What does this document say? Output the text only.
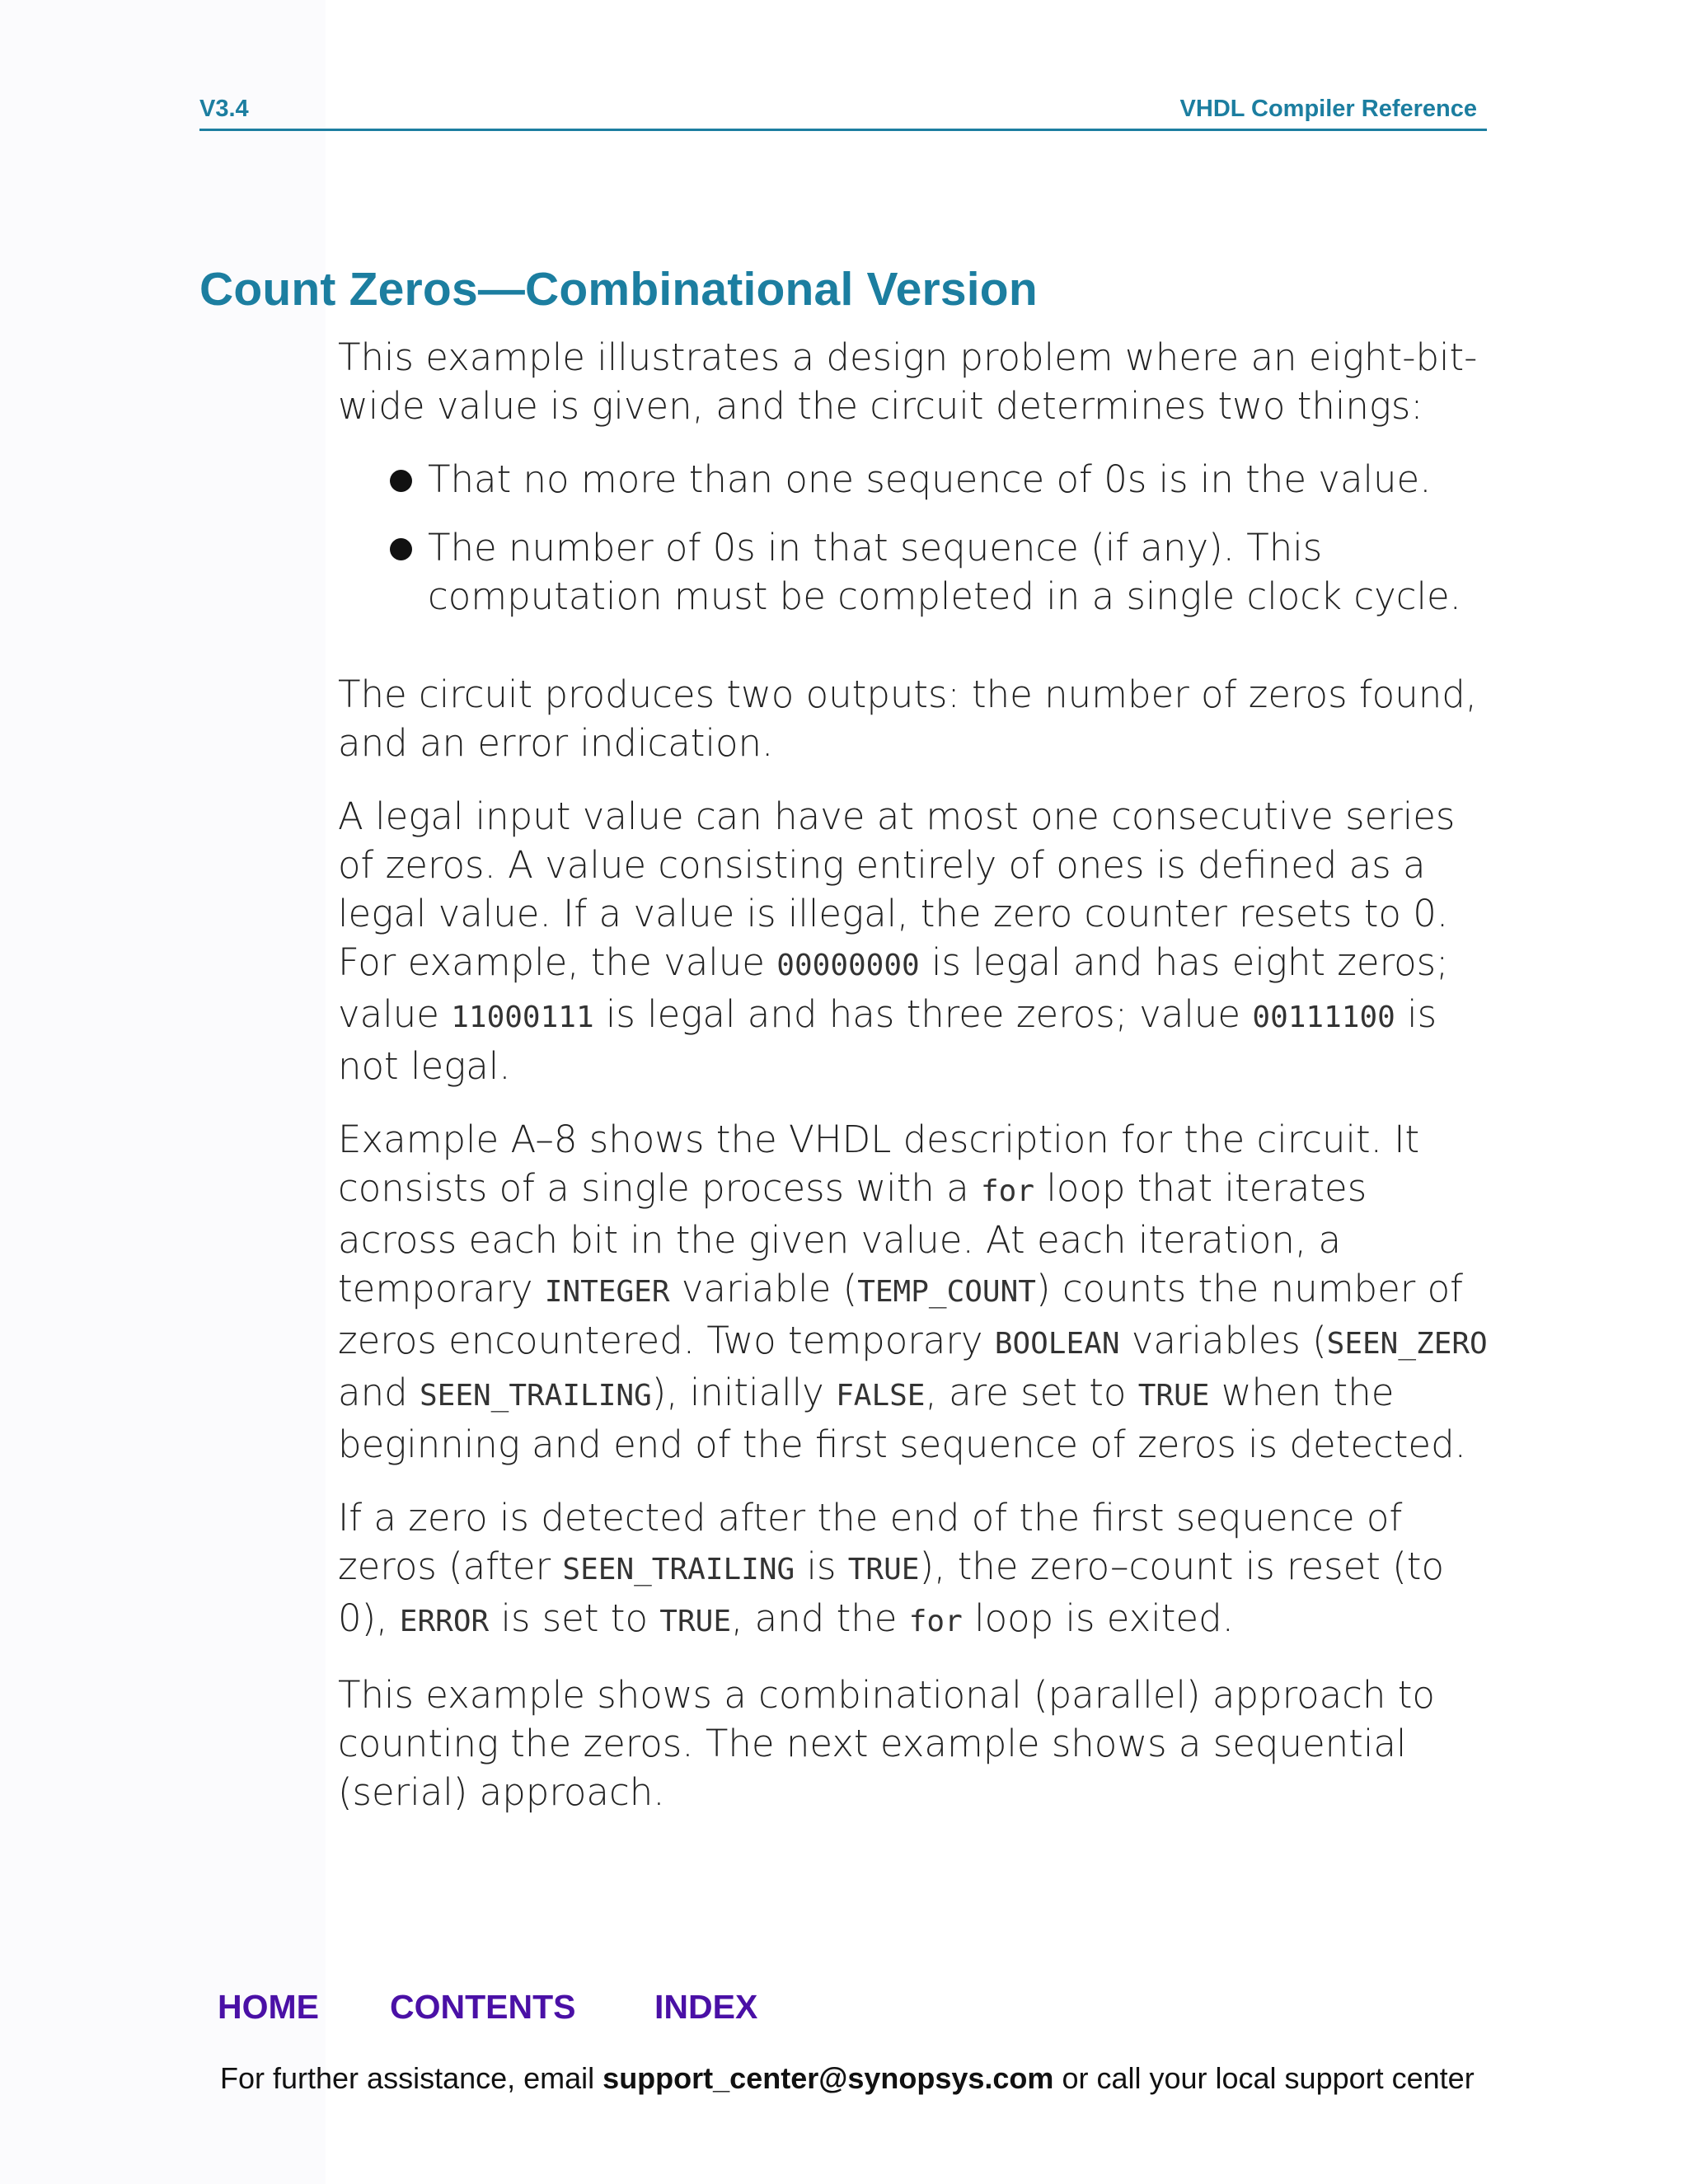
V3.4	VHDL Compiler Reference
Count Zeros—Combinational Version

This example illustrates a design problem where an eight-bit-wide value is given, and the circuit determines two things:

That no more than one sequence of 0s is in the value.
The number of 0s in that sequence (if any). This computation must be completed in a single clock cycle.

The circuit produces two outputs: the number of zeros found, and an error indication.

A legal input value can have at most one consecutive series of zeros. A value consisting entirely of ones is defined as a legal value. If a value is illegal, the zero counter resets to 0. For example, the value 00000000 is legal and has eight zeros; value 11000111 is legal and has three zeros; value 00111100 is not legal.

Example A–8 shows the VHDL description for the circuit. It consists of a single process with a for loop that iterates across each bit in the given value. At each iteration, a temporary INTEGER variable (TEMP_COUNT) counts the number of zeros encountered. Two temporary BOOLEAN variables (SEEN_ZERO and SEEN_TRAILING), initially FALSE, are set to TRUE when the beginning and end of the first sequence of zeros is detected.

If a zero is detected after the end of the first sequence of zeros (after SEEN_TRAILING is TRUE), the zero–count is reset (to 0), ERROR is set to TRUE, and the for loop is exited.

This example shows a combinational (parallel) approach to counting the zeros. The next example shows a sequential (serial) approach.

HOME CONTENTS INDEX
For further assistance, email support_center@synopsys.com or call your local support center
